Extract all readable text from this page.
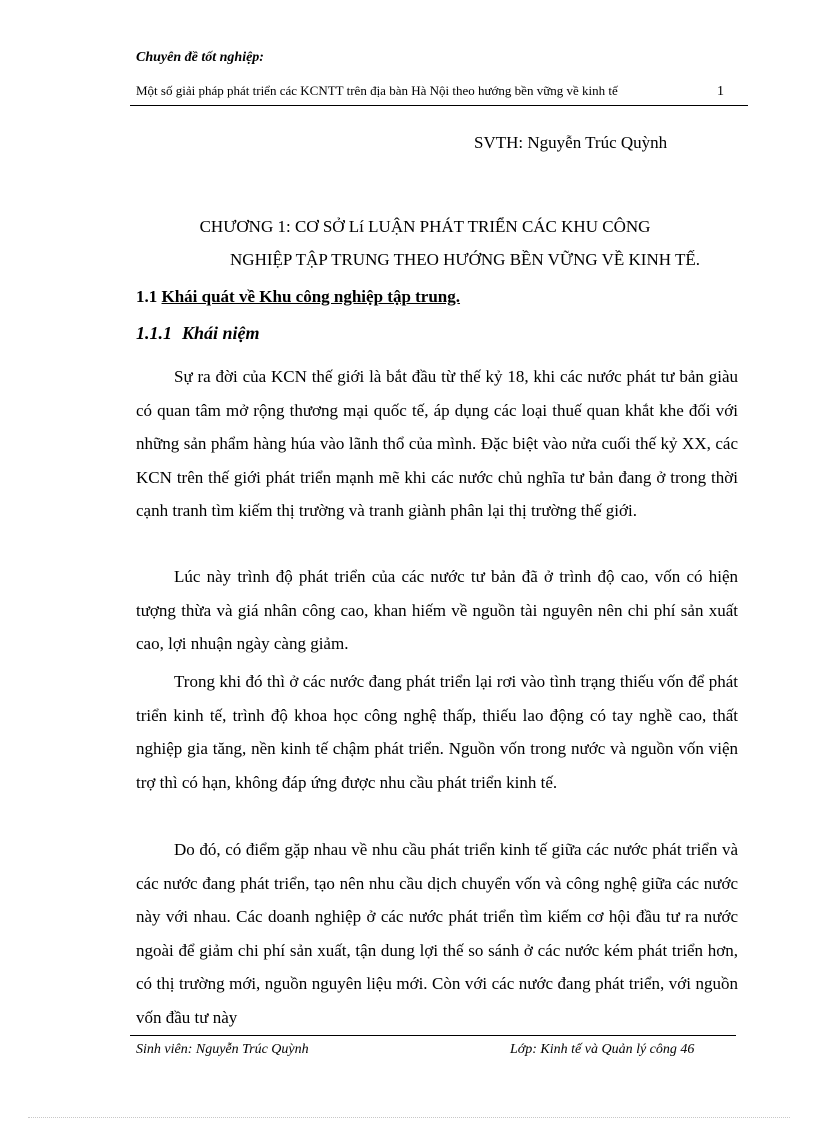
Chuyên đề tốt nghiệp:
Một số giải pháp phát triển các KCNTT trên địa bàn Hà Nội theo hướng bền vững về kinh tế	1
SVTH: Nguyễn Trúc Quỳnh
CHƯƠNG 1: CƠ SỞ Lí LUẬN PHÁT TRIỂN CÁC KHU CÔNG
NGHIỆP TẬP TRUNG THEO HƯỚNG BỀN VỮNG VỀ KINH TẾ.
1.1 Khái quát về Khu công nghiệp tập trung.
1.1.1 Khái niệm

Sự ra đời của KCN thế giới là bắt đầu từ thế kỷ 18, khi các nước phát tư bản giàu có quan tâm mở rộng thương mại quốc tế, áp dụng các loại thuế quan khắt khe đối với những sản phẩm hàng húa vào lãnh thổ của mình. Đặc biệt vào nửa cuối thế kỷ XX, các KCN trên thế giới phát triển mạnh mẽ khi các nước chủ nghĩa tư bản đang ở trong thời cạnh tranh tìm kiếm thị trường và tranh giành phân lại thị trường thế giới.

Lúc này trình độ phát triển của các nước tư bản đã ở trình độ cao, vốn có hiện tượng thừa và giá nhân công cao, khan hiếm về nguồn tài nguyên nên chi phí sản xuất cao, lợi nhuận ngày càng giảm.

Trong khi đó thì ở các nước đang phát triển lại rơi vào tình trạng thiếu vốn để phát triển kinh tế, trình độ khoa học công nghệ thấp, thiếu lao động có tay nghề cao, thất nghiệp gia tăng, nền kinh tế chậm phát triển. Nguồn vốn trong nước và nguồn vốn viện trợ thì có hạn, không đáp ứng được nhu cầu phát triển kinh tế.

Do đó, có điểm gặp nhau về nhu cầu phát triển kinh tế giữa các nước phát triển và các nước đang phát triển, tạo nên nhu cầu dịch chuyển vốn và công nghệ giữa các nước này với nhau. Các doanh nghiệp ở các nước phát triển tìm kiếm cơ hội đầu tư ra nước ngoài để giảm chi phí sản xuất, tận dung lợi thế so sánh ở các nước kém phát triển hơn, có thị trường mới, nguồn nguyên liệu mới. Còn với các nước đang phát triển, với nguồn vốn đầu tư này

Sinh viên: Nguyễn Trúc Quỳnh	Lớp: Kinh tế và Quản lý công 46
